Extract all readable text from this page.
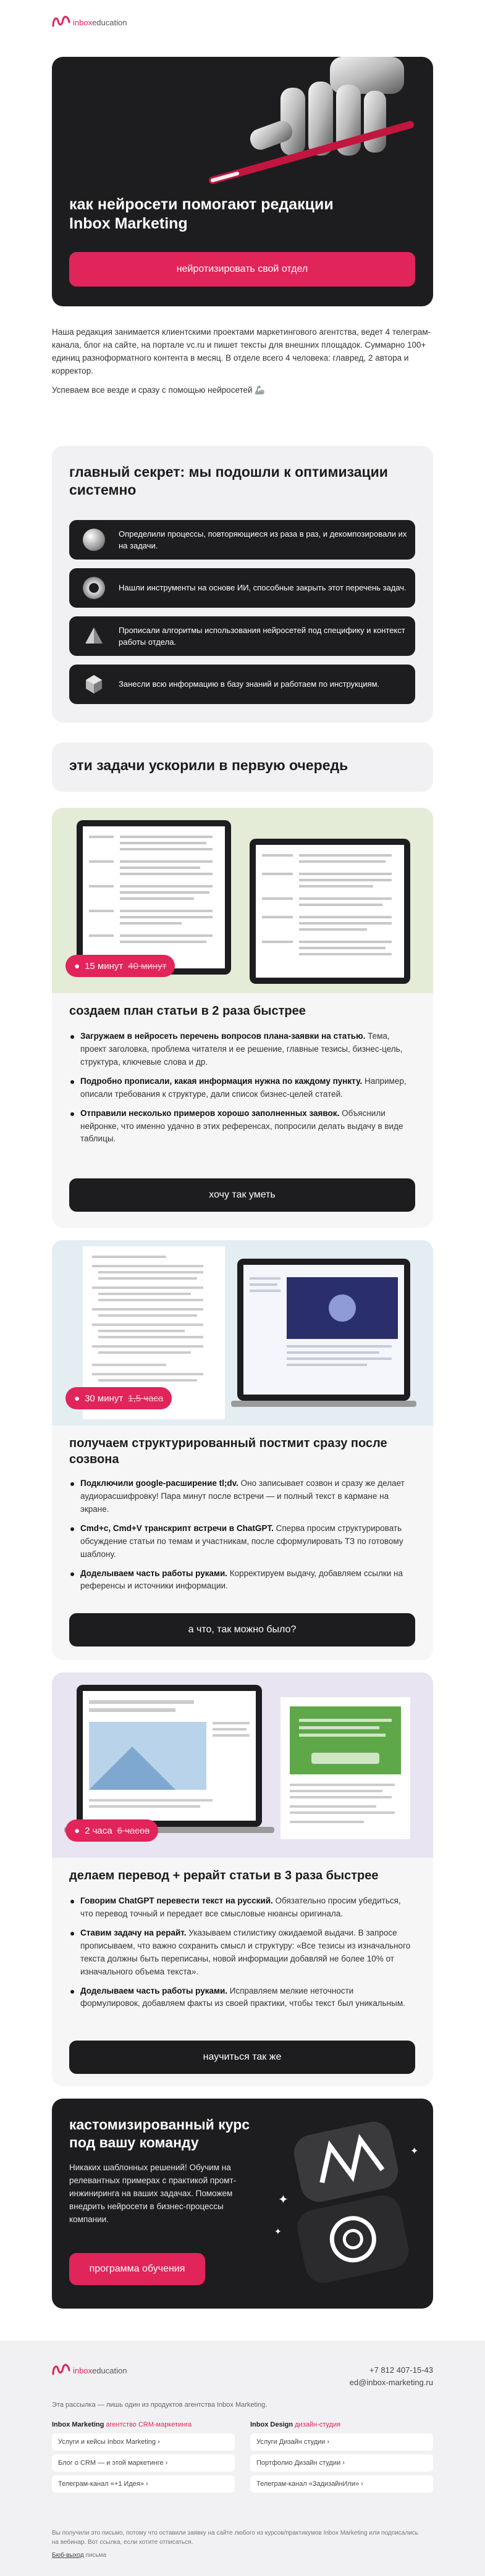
inboxeducation
как нейросети помогают редакции Inbox Marketing
нейротизировать свой отдел

Наша редакция занимается клиентскими проектами маркетингового агентства, ведет 4 телеграм-канала, блог на сайте, на портале vc.ru и пишет тексты для внешних площадок. Суммарно 100+ единиц разноформатного контента в месяц. В отделе всего 4 человека: главред, 2 автора и корректор.

Успеваем все везде и сразу с помощью нейросетей 🦾

главный секрет: мы подошли к оптимизации системно
Определили процессы, повторяющиеся из раза в раз, и декомпозировали их на задачи.
Нашли инструменты на основе ИИ, способные закрыть этот перечень задач.
Прописали алгоритмы использования нейросетей под специфику и контекст работы отдела.
Занесли всю информацию в базу знаний и работаем по инструкциям.
эти задачи ускорили в первую очередь
● 15 минут 40 минут
создаем план статьи в 2 раза быстрее
Загружаем в нейросеть перечень вопросов плана-заявки на статью. Тема, проект заголовка, проблема читателя и ее решение, главные тезисы, бизнес-цель, структура, ключевые слова и др.
Подробно прописали, какая информация нужна по каждому пункту. Например, описали требования к структуре, дали список бизнес-целей статей.
Отправили несколько примеров хорошо заполненных заявок. Объяснили нейронке, что именно удачно в этих референсах, попросили делать выдачу в виде таблицы.
хочу так уметь
● 30 минут 1,5 часа
получаем структурированный постмит сразу после созвона
Подключили google-расширение tl;dv. Оно записывает созвон и сразу же делает аудиорасшифровку! Пара минут после встречи — и полный текст в кармане на экране.
Cmd+c, Cmd+V транскрипт встречи в ChatGPT. Сперва просим структурировать обсуждение статьи по темам и участникам, после сформулировать ТЗ по готовому шаблону.
Доделываем часть работы руками. Корректируем выдачу, добавляем ссылки на референсы и источники информации.
а что, так можно было?
● 2 часа 6 часов
делаем перевод + рерайт статьи в 3 раза быстрее
Говорим ChatGPT перевести текст на русский. Обязательно просим убедиться, что перевод точный и передает все смысловые нюансы оригинала.
Ставим задачу на рерайт. Указываем стилистику ожидаемой выдачи. В запросе прописываем, что важно сохранить смысл и структуру: «Все тезисы из изначального текста должны быть переписаны, новой информации добавляй не более 10% от изначального объема текста».
Доделываем часть работы руками. Исправляем мелкие неточности формулировок, добавляем факты из своей практики, чтобы текст был уникальным.
научиться так же
кастомизированный курс под вашу команду

Никаких шаблонных решений! Обучим на релевантных примерах с практикой промт-инжиниринга на ваших задачах. Поможем внедрить нейросети в бизнес-процессы компании.

программа обучения
✦
✦
✦
inboxeducation	+7 812 407-15-43
ed@inbox-marketing.ru
Эта рассылка — лишь один из продуктов агентства Inbox Marketing.
Inbox Marketing агентство CRM-маркетинга
Услуги и кейсы Inbox Marketing ›
Блог о CRM — и этой маркетинге ›
Телеграм-канал «+1 Идея» ›
Inbox Design дизайн-студия
Услуги Дизайн студии ›
Портфолио Дизайн студии ›
Телеграм-канал «ЗадизайнИли» ›
Вы получили это письмо, потому что оставили заявку на сайте любого из курсов/практикумов Inbox Marketing или подписались на вебинар. Вот ссылка, если хотите отписаться.
Бюб-выход письма
